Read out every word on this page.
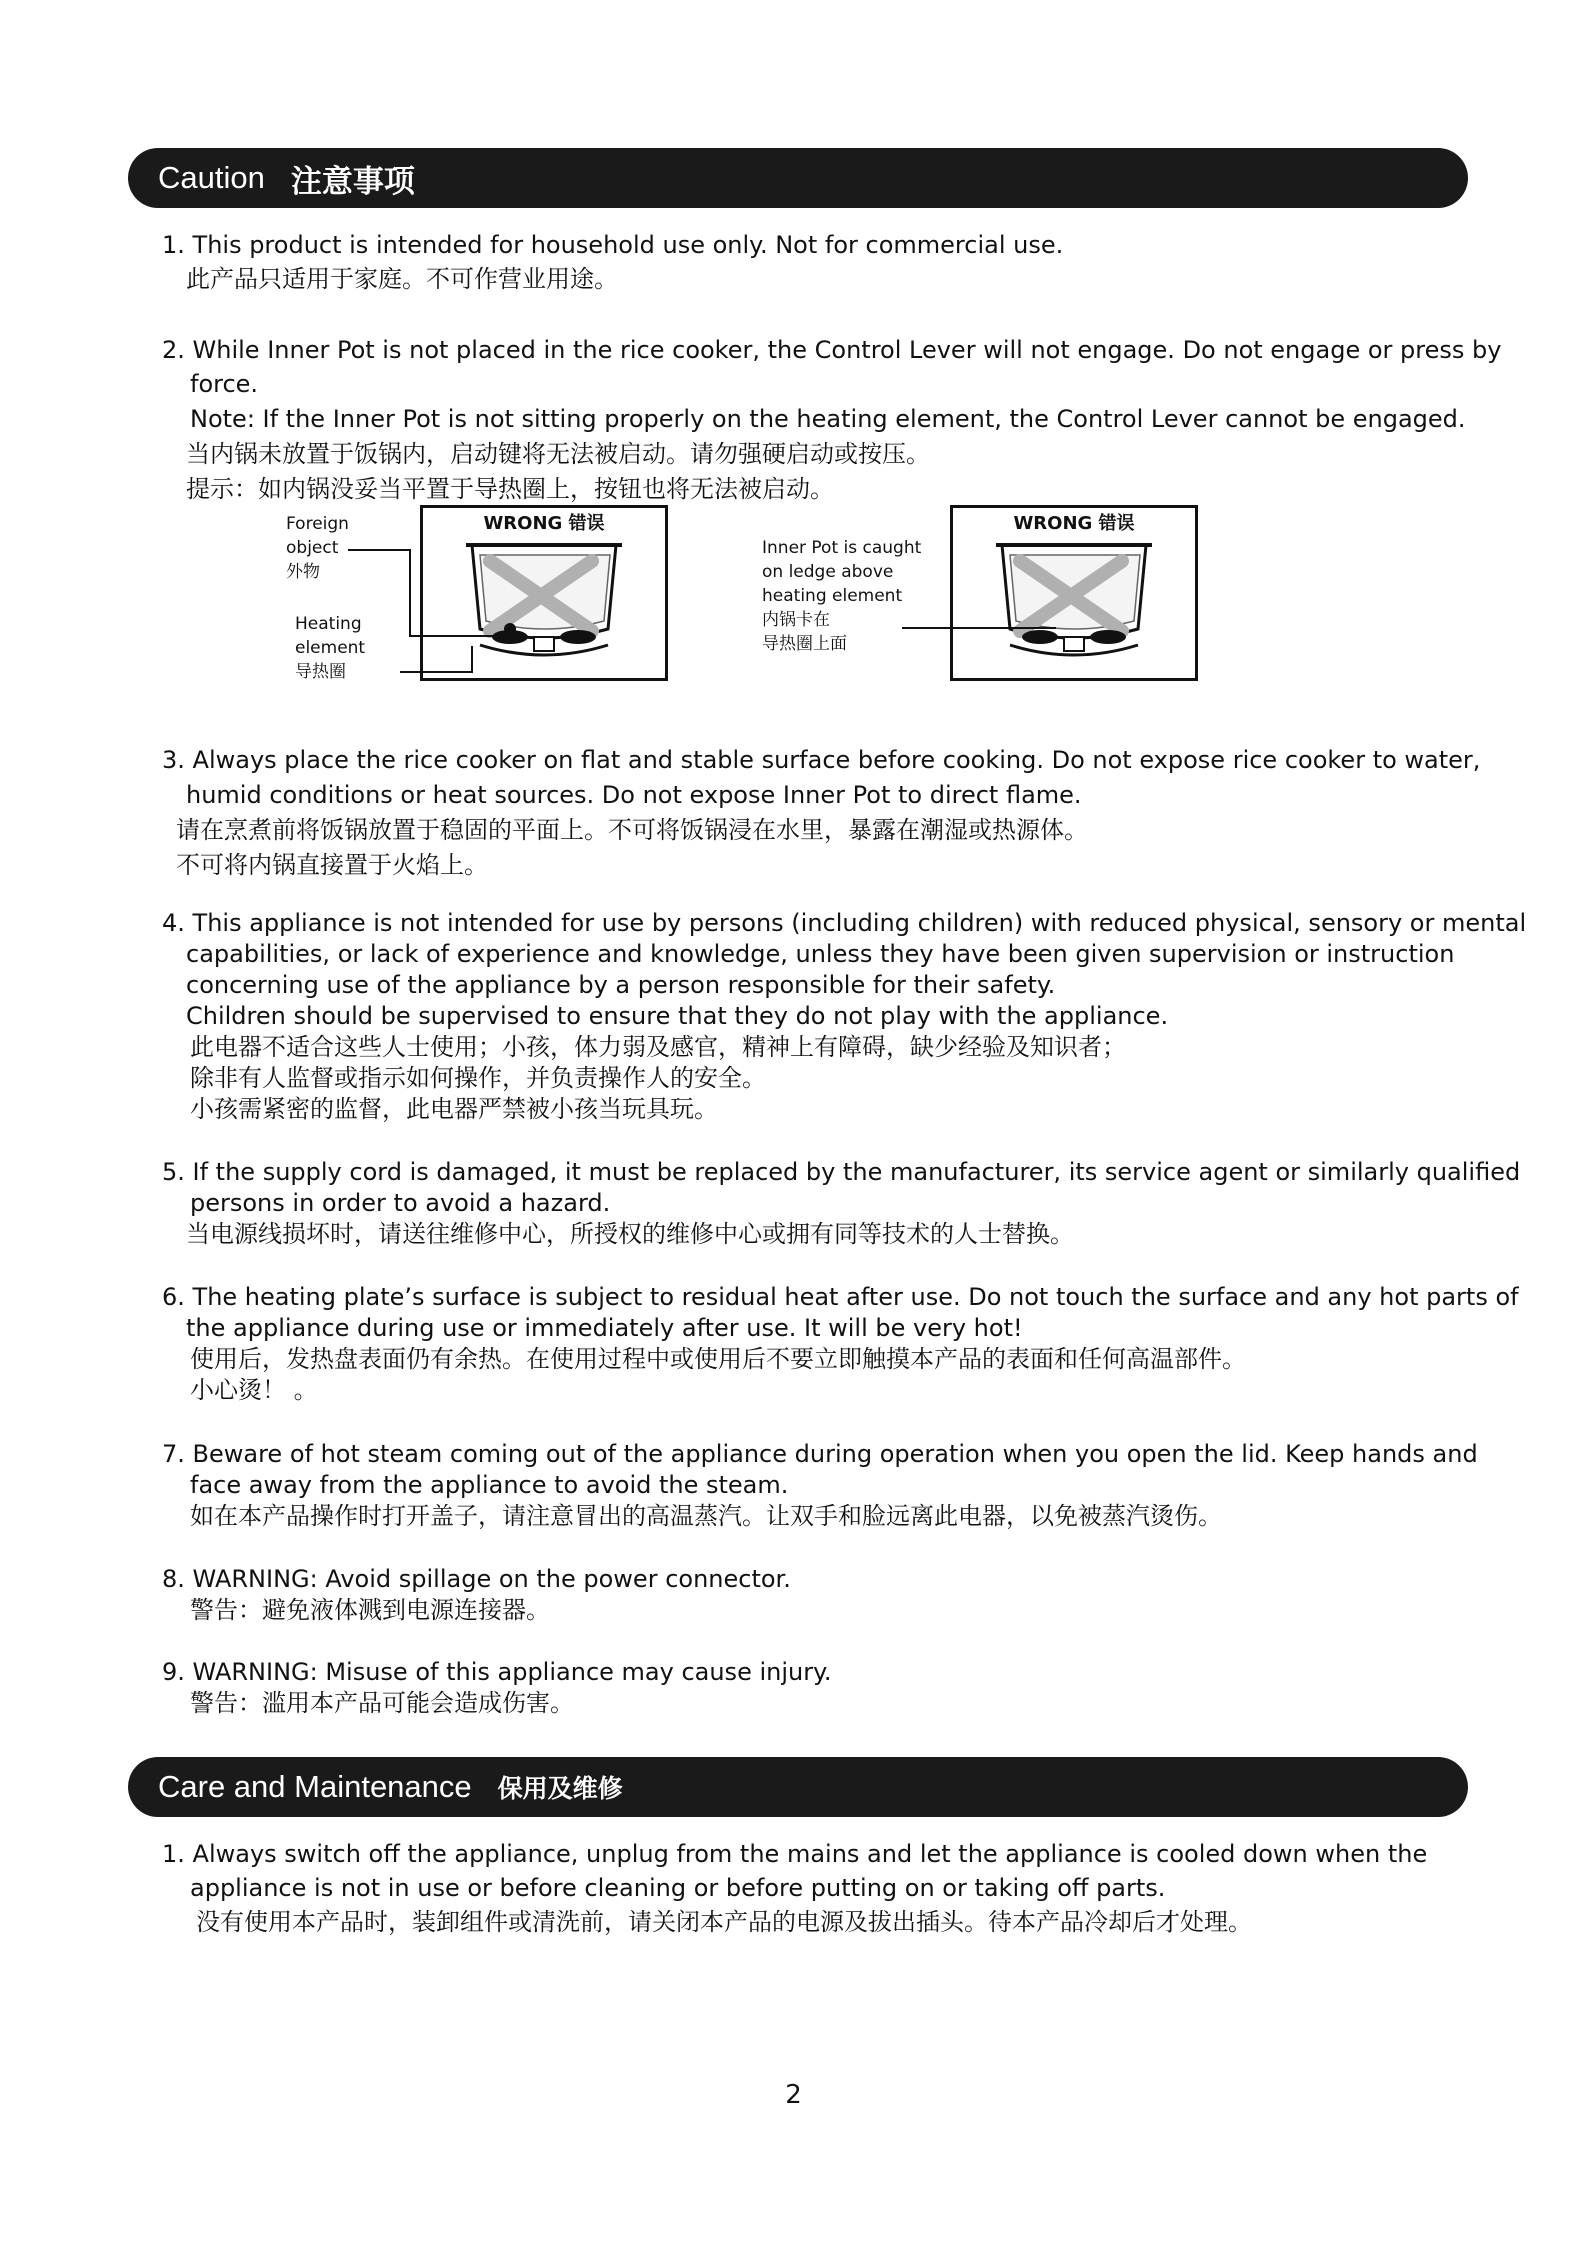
Caution 注意事项
1. This product is intended for household use only. Not for commercial use.
此产品只适用于家庭。不可作营业用途。
2. While Inner Pot is not placed in the rice cooker, the Control Lever will not engage. Do not engage or press by
force.
Note: If the Inner Pot is not sitting properly on the heating element, the Control Lever cannot be engaged.
当内锅未放置于饭锅内，启动键将无法被启动。请勿强硬启动或按压。
提示：如内锅没妥当平置于导热圈上，按钮也将无法被启动。
Foreign
object
外物
Heating
element
导热圈
WRONG 错误
Inner Pot is caught
on ledge above
heating element
内锅卡在
导热圈上面
WRONG 错误
3. Always place the rice cooker on flat and stable surface before cooking. Do not expose rice cooker to water,
humid conditions or heat sources. Do not expose Inner Pot to direct flame.
请在烹煮前将饭锅放置于稳固的平面上。不可将饭锅浸在水里，暴露在潮湿或热源体。
不可将内锅直接置于火焰上。
4. This appliance is not intended for use by persons (including children) with reduced physical, sensory or mental
capabilities, or lack of experience and knowledge, unless they have been given supervision or instruction
concerning use of the appliance by a person responsible for their safety.
Children should be supervised to ensure that they do not play with the appliance.
此电器不适合这些人士使用；小孩，体力弱及感官，精神上有障碍，缺少经验及知识者；
除非有人监督或指示如何操作，并负责操作人的安全。
小孩需紧密的监督，此电器严禁被小孩当玩具玩。
5. If the supply cord is damaged, it must be replaced by the manufacturer, its service agent or similarly qualified
persons in order to avoid a hazard.
当电源线损坏时，请送往维修中心，所授权的维修中心或拥有同等技术的人士替换。
6. The heating plate’s surface is subject to residual heat after use. Do not touch the surface and any hot parts of
the appliance during use or immediately after use. It will be very hot!
使用后，发热盘表面仍有余热。在使用过程中或使用后不要立即触摸本产品的表面和任何高温部件。
小心烫！ 。
7. Beware of hot steam coming out of the appliance during operation when you open the lid. Keep hands and
face away from the appliance to avoid the steam.
如在本产品操作时打开盖子，请注意冒出的高温蒸汽。让双手和脸远离此电器，以免被蒸汽烫伤。
8. WARNING: Avoid spillage on the power connector.
警告：避免液体溅到电源连接器。
9. WARNING: Misuse of this appliance may cause injury.
警告：滥用本产品可能会造成伤害。
Care and Maintenance 保用及维修
1. Always switch off the appliance, unplug from the mains and let the appliance is cooled down when the
appliance is not in use or before cleaning or before putting on or taking off parts.
没有使用本产品时，装卸组件或清洗前，请关闭本产品的电源及拔出插头。待本产品冷却后才处理。
2
